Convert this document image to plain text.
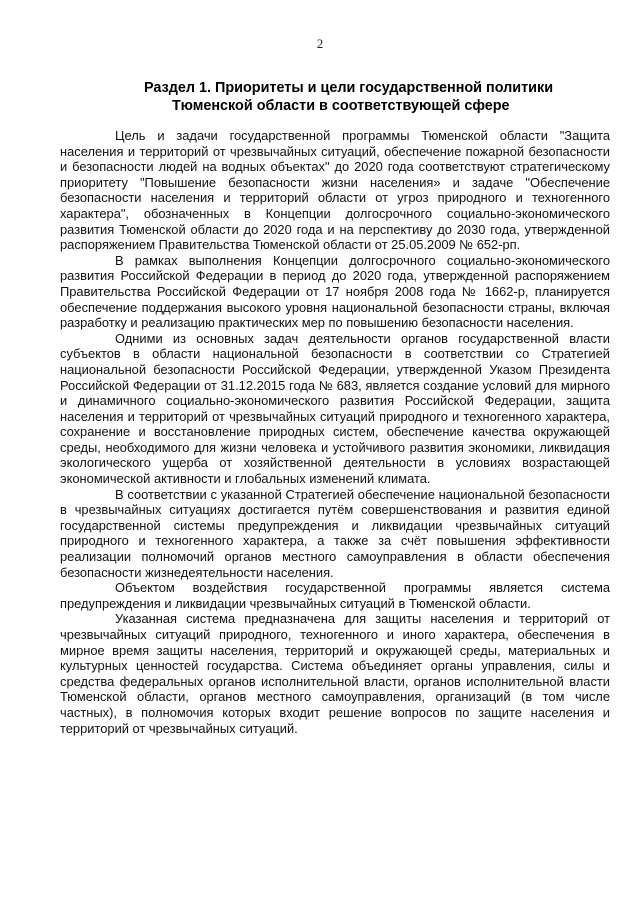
2
Раздел 1. Приоритеты и цели государственной политики
Тюменской области в соответствующей сфере

Цель и задачи государственной программы Тюменской области "Защита населения и территорий от чрезвычайных ситуаций, обеспечение пожарной безопасности и безопасности людей на водных объектах" до 2020 года соответствуют стратегическому приоритету "Повышение безопасности жизни населения» и задаче "Обеспечение безопасности населения и территорий области от угроз природного и техногенного характера", обозначенных в Концепции долгосрочного социально-экономического развития Тюменской области до 2020 года и на перспективу до 2030 года, утвержденной распоряжением Правительства Тюменской области от 25.05.2009 № 652-рп.

В рамках выполнения Концепции долгосрочного социально-экономического развития Российской Федерации в период до 2020 года, утвержденной распоряжением Правительства Российской Федерации от 17 ноября 2008 года № 1662-р, планируется обеспечение поддержания высокого уровня национальной безопасности страны, включая разработку и реализацию практических мер по повышению безопасности населения.

Одними из основных задач деятельности органов государственной власти субъектов в области национальной безопасности в соответствии со Стратегией национальной безопасности Российской Федерации, утвержденной Указом Президента Российской Федерации от 31.12.2015 года № 683, является создание условий для мирного и динамичного социально-экономического развития Российской Федерации, защита населения и территорий от чрезвычайных ситуаций природного и техногенного характера, сохранение и восстановление природных систем, обеспечение качества окружающей среды, необходимого для жизни человека и устойчивого развития экономики, ликвидация экологического ущерба от хозяйственной деятельности в условиях возрастающей экономической активности и глобальных изменений климата.

В соответствии с указанной Стратегией обеспечение национальной безопасности в чрезвычайных ситуациях достигается путём совершенствования и развития единой государственной системы предупреждения и ликвидации чрезвычайных ситуаций природного и техногенного характера, а также за счёт повышения эффективности реализации полномочий органов местного самоуправления в области обеспечения безопасности жизнедеятельности населения.

Объектом воздействия государственной программы является система предупреждения и ликвидации чрезвычайных ситуаций в Тюменской области.

Указанная система предназначена для защиты населения и территорий от чрезвычайных ситуаций природного, техногенного и иного характера, обеспечения в мирное время защиты населения, территорий и окружающей среды, материальных и культурных ценностей государства. Система объединяет органы управления, силы и средства федеральных органов исполнительной власти, органов исполнительной власти Тюменской области, органов местного самоуправления, организаций (в том числе частных), в полномочия которых входит решение вопросов по защите населения и территорий от чрезвычайных ситуаций.
